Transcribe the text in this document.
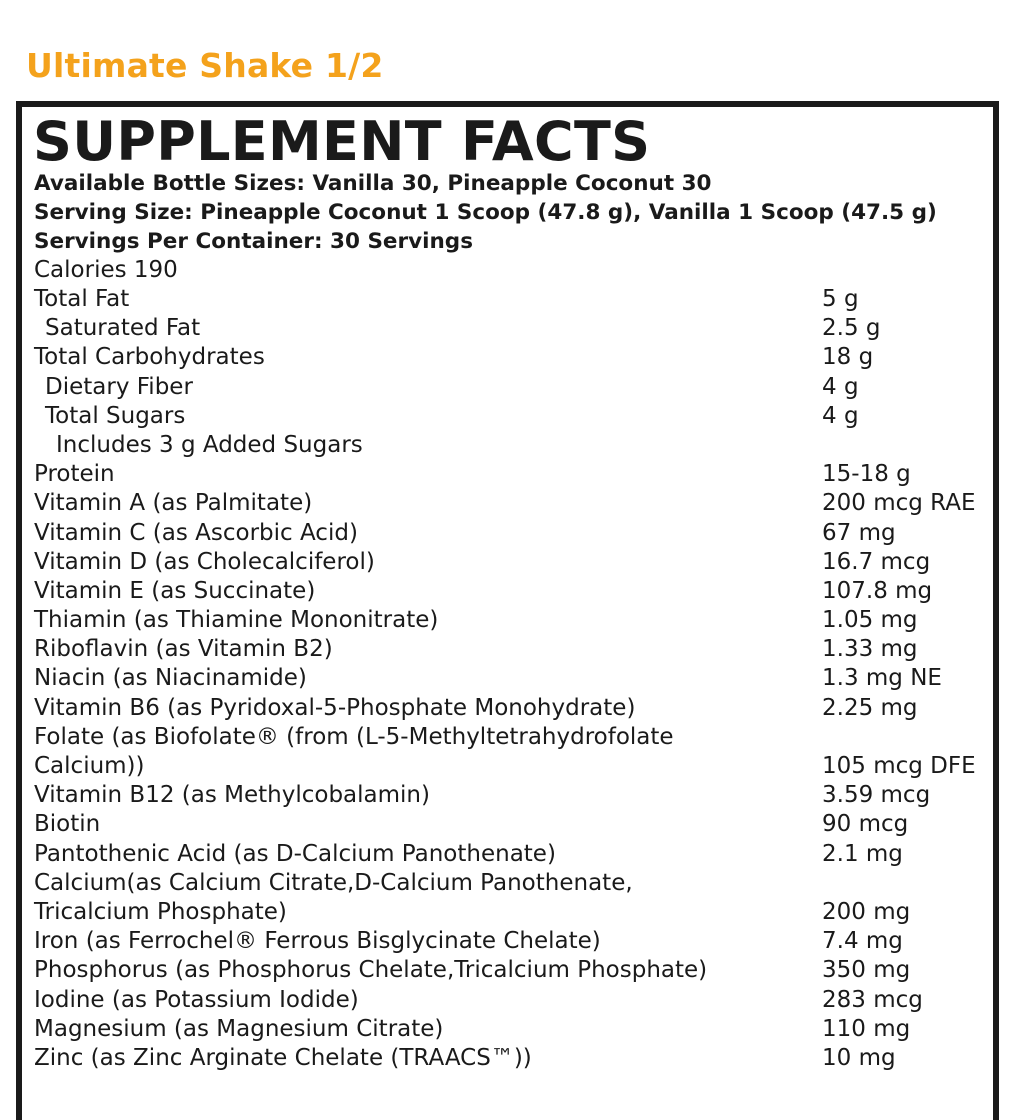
Ultimate Shake 1/2
SUPPLEMENT FACTS
Available Bottle Sizes: Vanilla 30, Pineapple Coconut 30
Serving Size: Pineapple Coconut 1 Scoop (47.8 g), Vanilla 1 Scoop (47.5 g)
Servings Per Container: 30 Servings
Calories 190
Total Fat	5 g
Saturated Fat	2.5 g
Total Carbohydrates	18 g
Dietary Fiber	4 g
Total Sugars	4 g
Includes 3 g Added Sugars
Protein	15-18 g
Vitamin A (as Palmitate)	200 mcg RAE
Vitamin C (as Ascorbic Acid)	67 mg
Vitamin D (as Cholecalciferol)	16.7 mcg
Vitamin E (as Succinate)	107.8 mg
Thiamin (as Thiamine Mononitrate)	1.05 mg
Riboflavin (as Vitamin B2)	1.33 mg
Niacin (as Niacinamide)	1.3 mg NE
Vitamin B6 (as Pyridoxal-5-Phosphate Monohydrate)	2.25 mg
Folate (as Biofolate® (from (L-5-Methyltetrahydrofolate
Calcium))	105 mcg DFE
Vitamin B12 (as Methylcobalamin)	3.59 mcg
Biotin	90 mcg
Pantothenic Acid (as D-Calcium Panothenate)	2.1 mg
Calcium(as Calcium Citrate,D-Calcium Panothenate,
Tricalcium Phosphate)	200 mg
Iron (as Ferrochel® Ferrous Bisglycinate Chelate)	7.4 mg
Phosphorus (as Phosphorus Chelate,Tricalcium Phosphate)	350 mg
Iodine (as Potassium Iodide)	283 mcg
Magnesium (as Magnesium Citrate)	110 mg
Zinc (as Zinc Arginate Chelate (TRAACS™))	10 mg
